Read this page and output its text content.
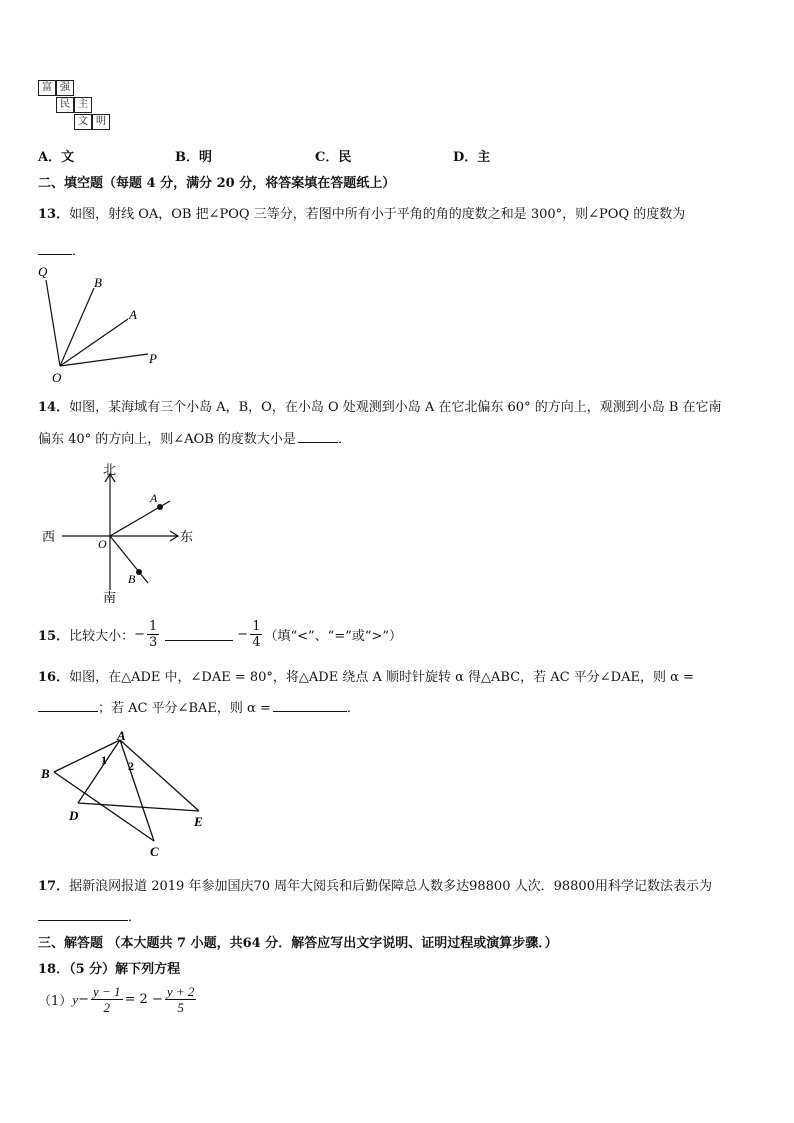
富 强
民 主
文 明
A．文	B．明	C．民	D．主
二、填空题（每题 4 分，满分 20 分，将答案填在答题纸上）
13．如图，射线 OA，OB 把∠POQ 三等分，若图中所有小于平角的角的度数之和是 300°，则∠POQ 的度数为
．
Q
B
A
P
O
14．如图，某海域有三个小岛 A，B，O，在小岛 O 处观测到小岛 A 在它北偏东 60° 的方向上，观测到小岛 B 在它南
偏东 40° 的方向上，则∠AOB 的度数大小是	．
北
南
东
西
A
B
O
15． 比较大小： − $\frac{1}{3}$	− $\frac{1}{4}$ （填“<”、“=”或“>”）
16．如图，在△ADE 中，∠DAE = 80°，将△ADE 绕点 A 顺时针旋转 α 得△ABC，若 AC 平分∠DAE，则 α =
；若 AC 平分∠BAE，则 α =	．
A
B
D	E
C
1 2
17．据新浪网报道 2019 年参加国庆70 周年大阅兵和后勤保障总人数多达98800 人次．98800用科学记数法表示为
．
三、解答题 （本大题共 7 小题，共64 分．解答应写出文字说明、证明过程或演算步骤．）
18．（5 分）解下列方程
（1） $y - \frac{y - 1}{2} = 2 - \frac{y + 2}{5}$
